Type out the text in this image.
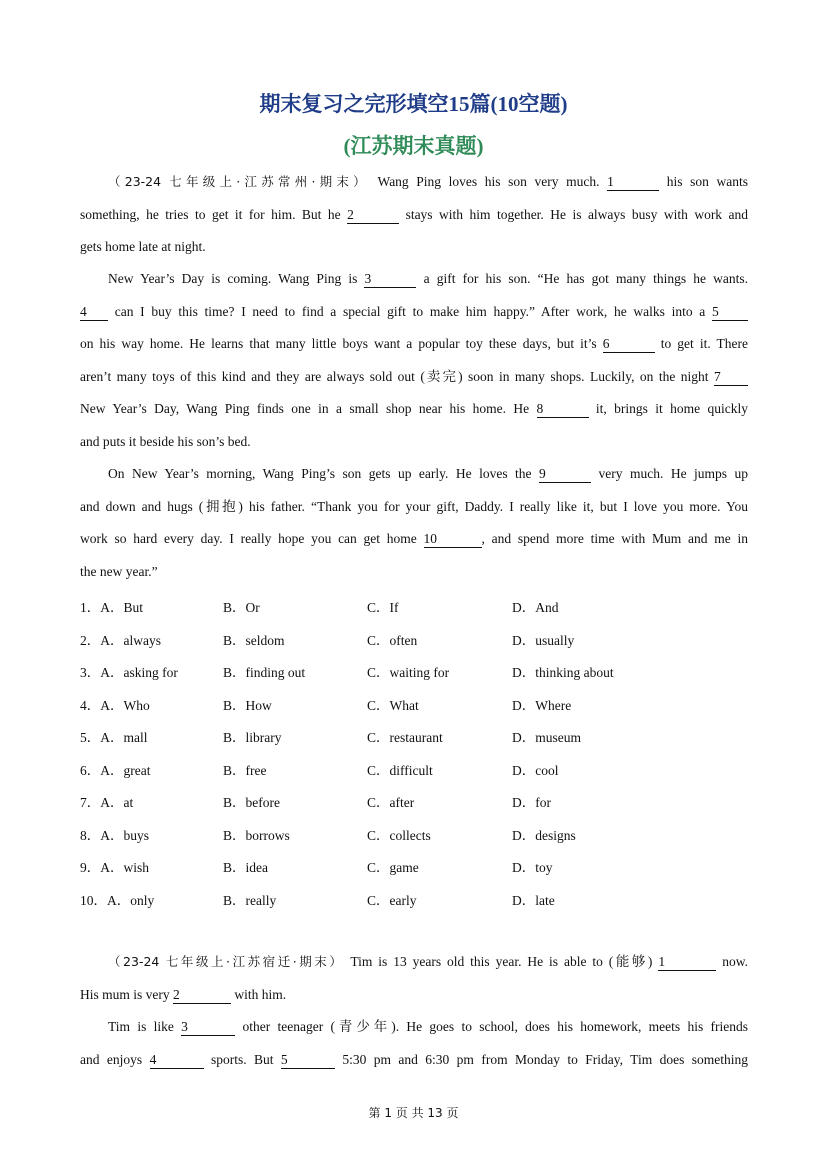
期末复习之完形填空15篇(10空题)
(江苏期末真题)
（23-24 七年级上·江苏常州·期末） Wang Ping loves his son very much. 1	his son wants
something, he tries to get it for him. But he 2	stays with him together. He is always busy with work and
gets home late at night.
New Year’s Day is coming. Wang Ping is 3	a gift for his son. “He has got many things he wants.
4 can I buy this time? I need to find a special gift to make him happy.” After work, he walks into a 5
on his way home. He learns that many little boys want a popular toy these days, but it’s 6	to get it. There
aren’t many toys of this kind and they are always sold out (卖完) soon in many shops. Luckily, on the night 7
New Year’s Day, Wang Ping finds one in a small shop near his home. He 8	it, brings it home quickly
and puts it beside his son’s bed.
On New Year’s morning, Wang Ping’s son gets up early. He loves the 9	very much. He jumps up
and down and hugs (拥抱) his father. “Thank you for your gift, Daddy. I really like it, but I love you more. You
work so hard every day. I really hope you can get home 10	, and spend more time with Mum and me in
the new year.”
1．A．But	B．Or	C．If	D．And
2．A．always	B．seldom	C．often	D．usually
3．A．asking for	B．finding out	C．waiting for	D．thinking about
4．A．Who	B．How	C．What	D．Where
5．A．mall	B．library	C．restaurant	D．museum
6．A．great	B．free	C．difficult	D．cool
7．A．at	B．before	C．after	D．for
8．A．buys	B．borrows	C．collects	D．designs
9．A．wish	B．idea	C．game	D．toy
10．A．only	B．really	C．early	D．late
（23-24 七年级上·江苏宿迁·期末） Tim is 13 years old this year. He is able to (能够) 1	now.
His mum is very 2	with him.
Tim is like 3	other teenager (青少年). He goes to school, does his homework, meets his friends
and enjoys 4	sports. But 5	5:30 pm and 6:30 pm from Monday to Friday, Tim does something
第 1 页 共 13 页
